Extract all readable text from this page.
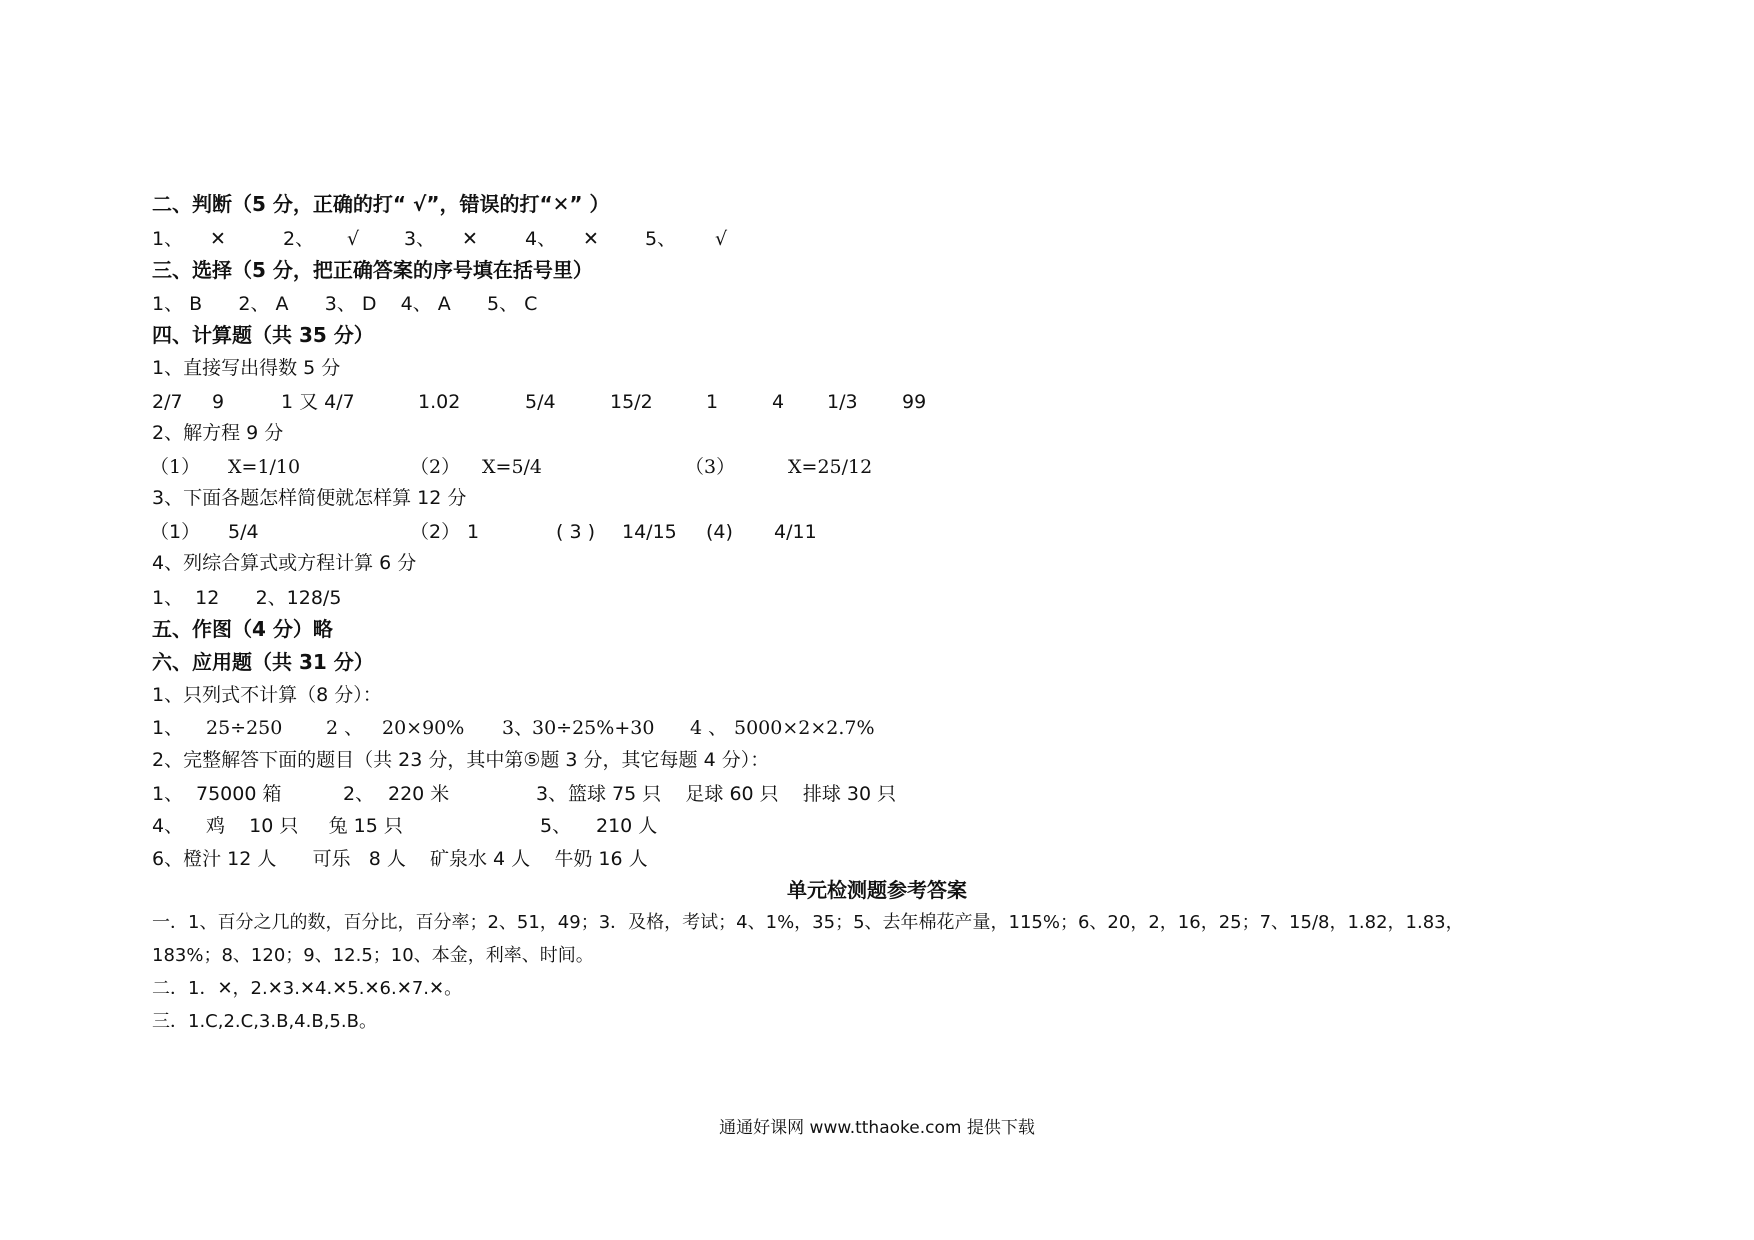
二、判断（5 分，正确的打“ √”，错误的打“✕” ）
1、 ✕	2、 √ 3、 ✕ 4、 ✕ 5、 √
三、选择（5 分，把正确答案的序号填在括号里）
1、 B      2、 A      3、 D    4、 A      5、 C
四、计算题（共 35 分）
1、直接写出得数 5 分
2/7 9	1 又 4/7	1.02	5/4	15/2	1	4 1/3 99
2、解方程 9 分
（1） X=1/10	（2） X=5/4	（3）	X=25/12
3、下面各题怎样简便就怎样算 12 分
（1） 5/4	（2） 1	( 3 ) 14/15 (4) 4/11
4、列综合算式或方程计算 6 分
1、  12      2、128/5
五、作图（4 分）略
六、应用题（共 31 分）
1、只列式不计算（8 分）：
1、 25÷250 2 、 20×90% 3、
30÷25%+30 4 、 5000×2×2.7%
2、完整解答下面的题目（共 23 分，其中第⑤题 3 分，其它每题 4 分）：
1、 75000 箱	2、 220 米	3、 篮球 75 只    足球 60 只    排球 30 只
4、 鸡    10 只     兔 15 只	5、 210 人
6、橙汁 12 人      可乐   8 人    矿泉水 4 人    牛奶 16 人
单元检测题参考答案
一．1、百分之几的数，百分比，百分率；2、51，49；3．及格，考试；4、1%，35；5、去年棉花产量，115%；6、20，2，16，25；7、15/8，1.82，1.83，
183%；8、120；9、12.5；10、本金，利率、时间。
二．1．✕，2.✕3.✕4.✕5.✕6.✕7.✕。
三．1.C,2.C,3.B,4.B,5.B。
通通好课网 www.tthaoke.com 提供下载
